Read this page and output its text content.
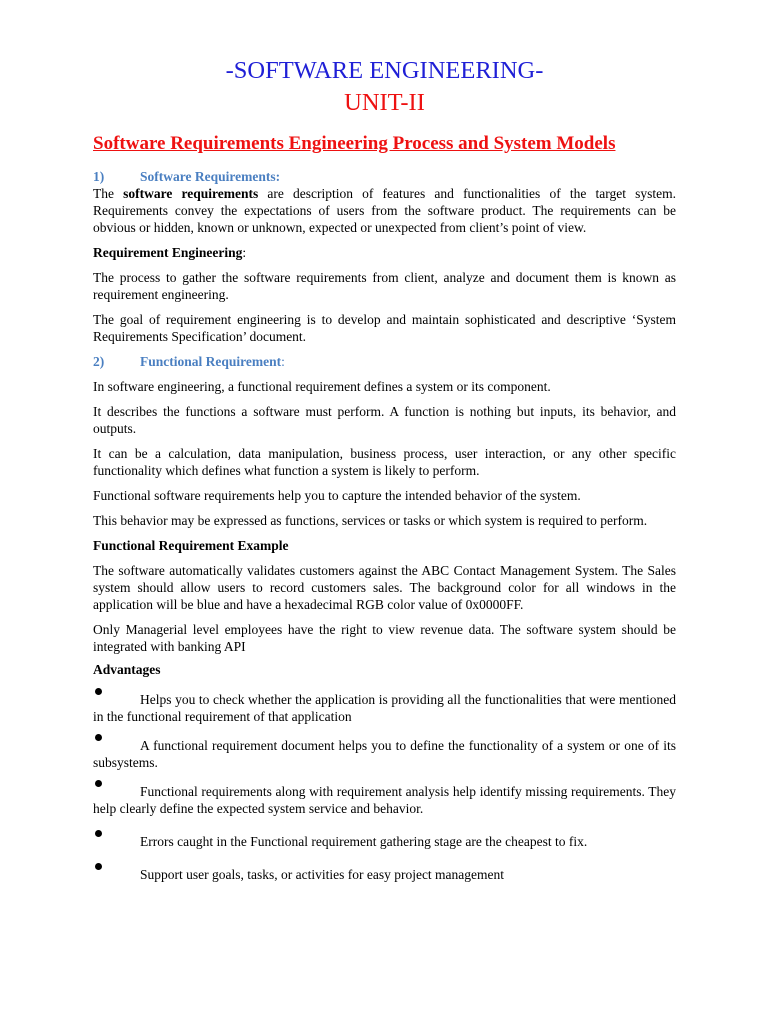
-SOFTWARE ENGINEERING-
UNIT-II
Software Requirements Engineering Process and System Models
1)	Software Requirements:

The software requirements are description of features and functionalities of the target system. Requirements convey the expectations of users from the software product. The requirements can be obvious or hidden, known or unknown, expected or unexpected from client’s point of view.

Requirement Engineering:

The process to gather the software requirements from client, analyze and document them is known as requirement engineering.

The goal of requirement engineering is to develop and maintain sophisticated and descriptive ‘System Requirements Specification’ document.

2)	Functional Requirement:

In software engineering, a functional requirement defines a system or its component.

It describes the functions a software must perform. A function is nothing but inputs, its behavior, and outputs.

It can be a calculation, data manipulation, business process, user interaction, or any other specific functionality which defines what function a system is likely to perform.

Functional software requirements help you to capture the intended behavior of the system.

This behavior may be expressed as functions, services or tasks or which system is required to perform.

Functional Requirement Example

The software automatically validates customers against the ABC Contact Management System. The Sales system should allow users to record customers sales. The background color for all windows in the application will be blue and have a hexadecimal RGB color value of 0x0000FF.

Only Managerial level employees have the right to view revenue data. The software system should be integrated with banking API

Advantages

Helps you to check whether the application is providing all the functionalities that were mentioned in the functional requirement of that application

A functional requirement document helps you to define the functionality of a system or one of its subsystems.

Functional requirements along with requirement analysis help identify missing requirements. They help clearly define the expected system service and behavior.

Errors caught in the Functional requirement gathering stage are the cheapest to fix.

Support user goals, tasks, or activities for easy project management
